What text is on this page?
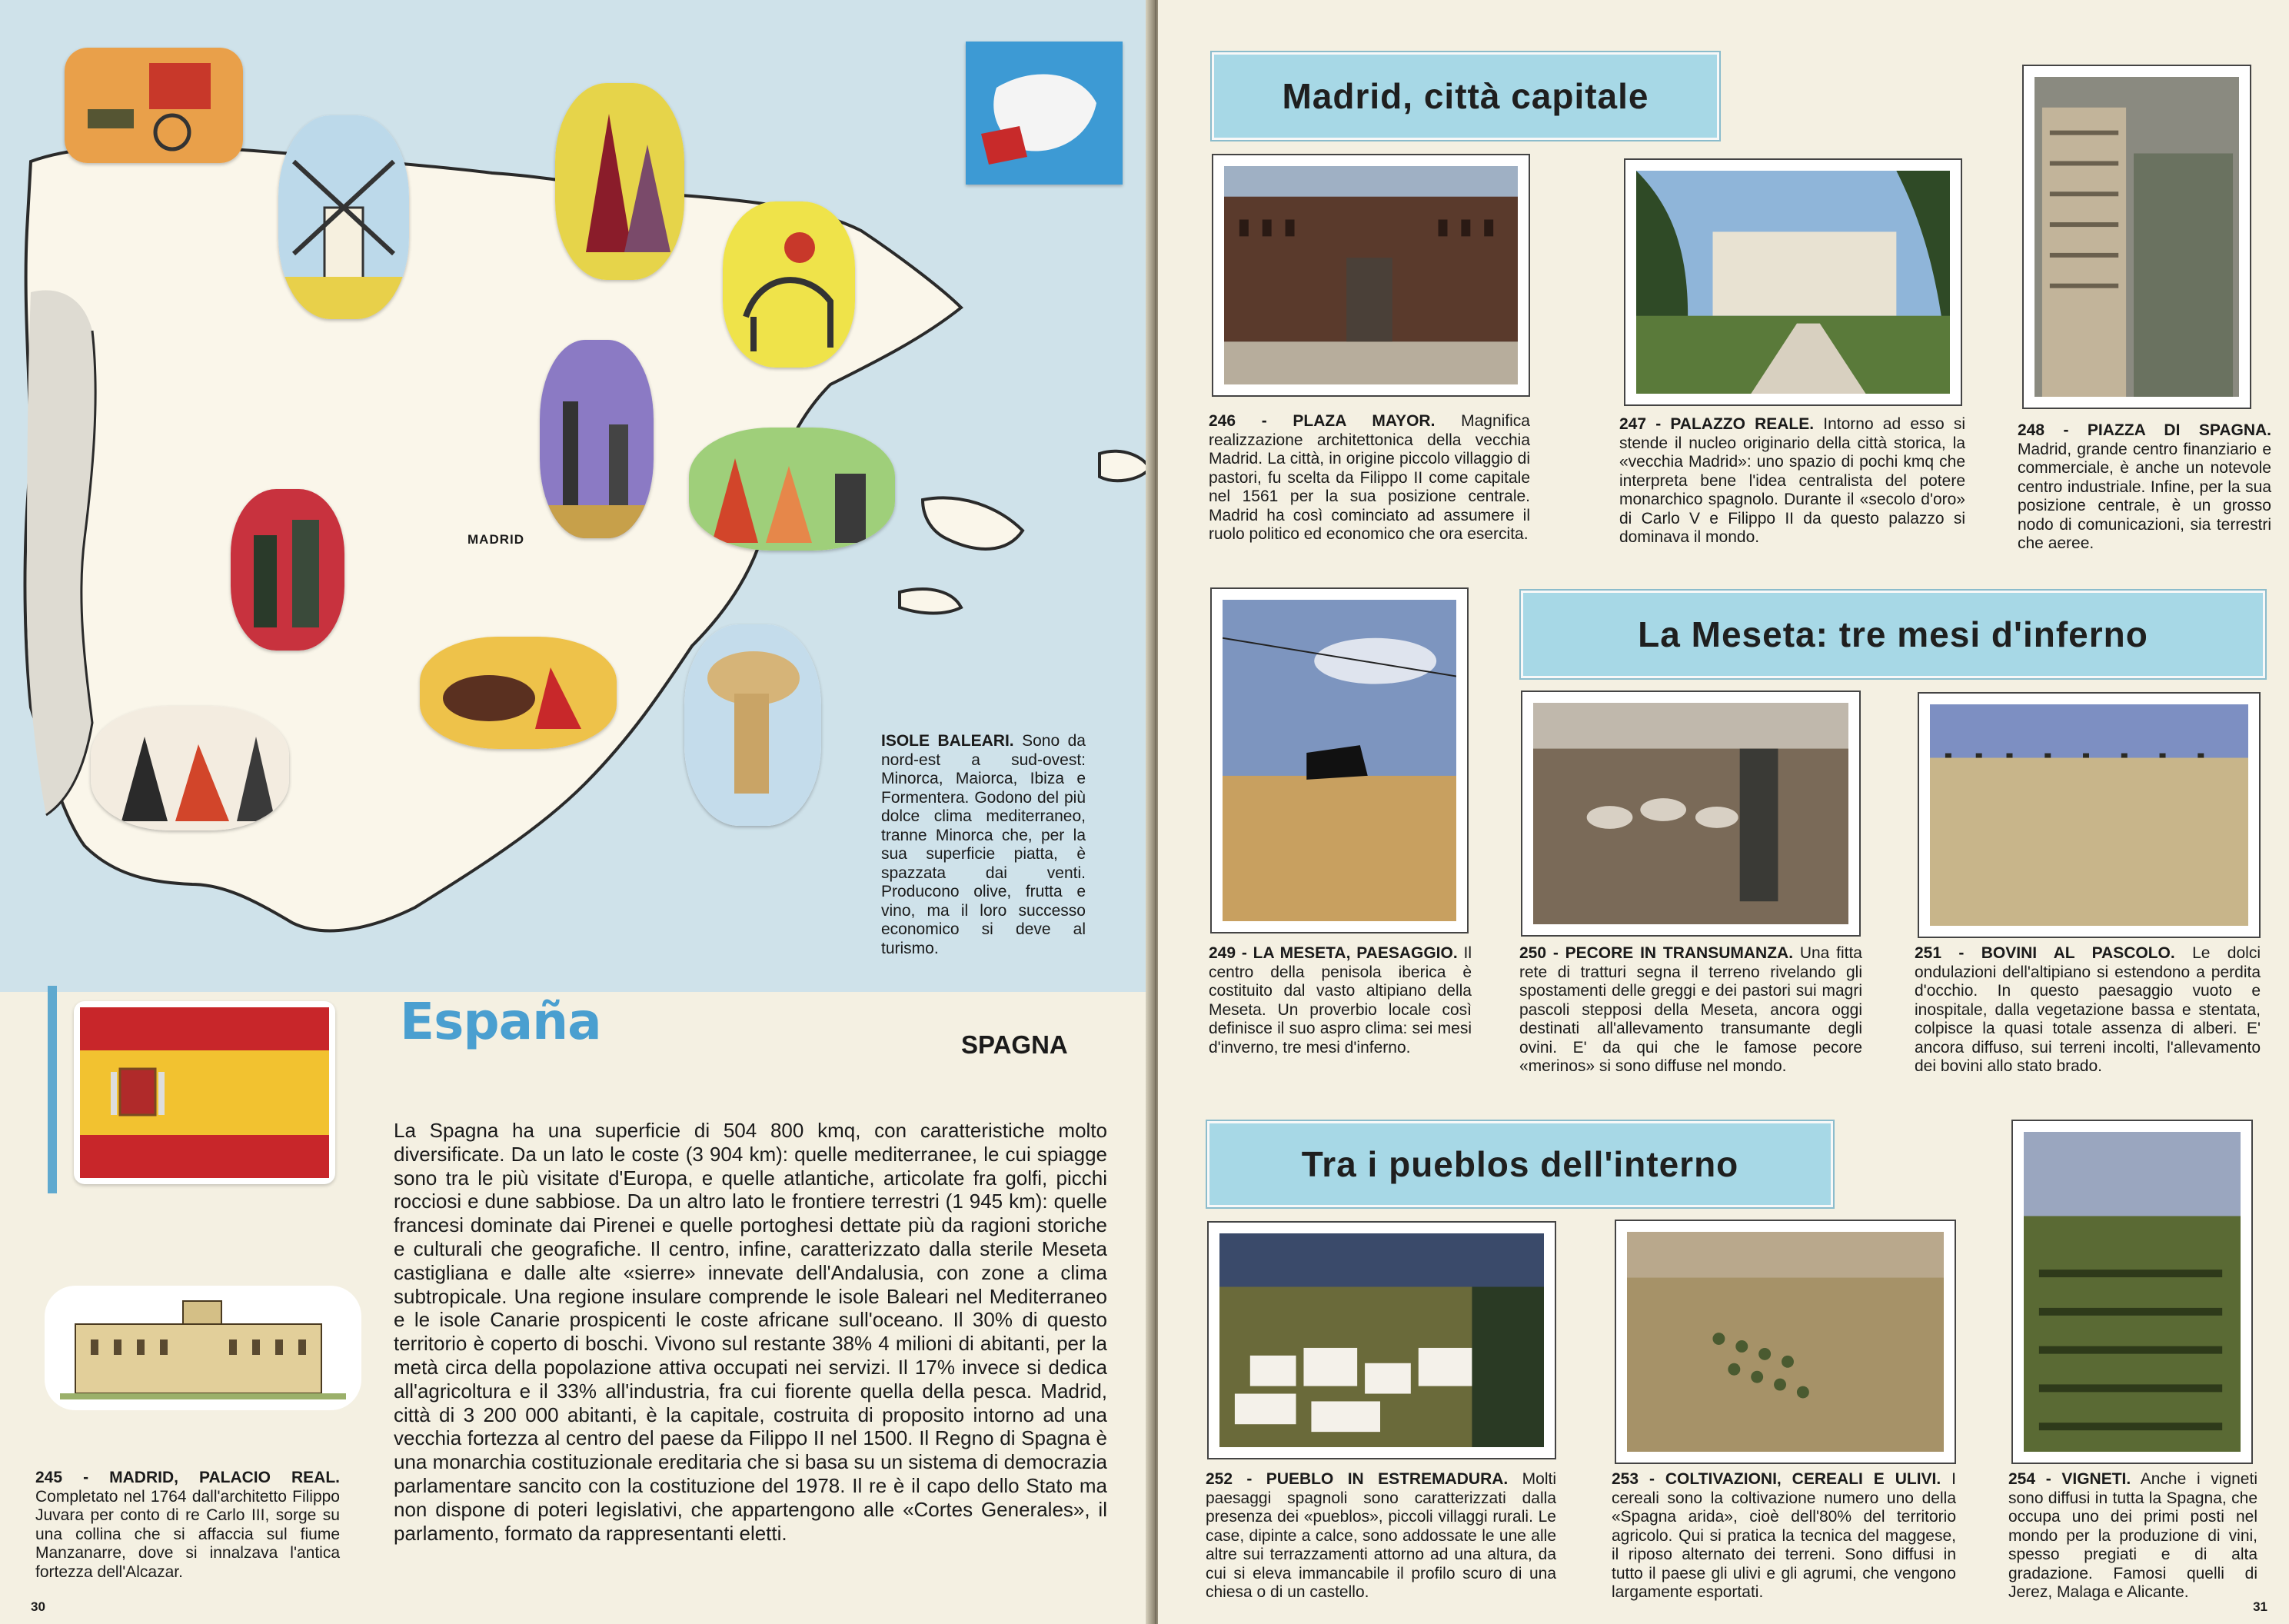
MADRID
ISOLE BALEARI. Sono da nord-est a sud-ovest: Minorca, Maiorca, Ibiza e Formentera. Godono del più dolce clima mediterraneo, tranne Minorca che, per la sua superficie piatta, è spazzata dai venti. Producono olive, frutta e vino, ma il loro successo economico si deve al turismo.
España	SPAGNA
La Spagna ha una superficie di 504 800 kmq, con caratteristiche molto diversificate. Da un lato le coste (3 904 km): quelle mediterranee, le cui spiagge sono tra le più visitate d'Europa, e quelle atlantiche, articolate fra golfi, picchi rocciosi e dune sabbiose. Da un altro lato le frontiere terrestri (1 945 km): quelle francesi dominate dai Pirenei e quelle portoghesi dettate più da ragioni storiche e culturali che geografiche. Il centro, infine, caratterizzato dalla sterile Meseta castigliana e dalle alte «sierre» innevate dell'Andalusia, con zone a clima subtropicale. Una regione insulare comprende le isole Baleari nel Mediterraneo e le isole Canarie prospicenti le coste africane sull'oceano. Il 30% di questo territorio è coperto di boschi. Vivono sul restante 38% 4 milioni di abitanti, per la metà circa della popolazione attiva occupati nei servizi. Il 17% invece si dedica all'agricoltura e il 33% all'industria, fra cui fiorente quella della pesca. Madrid, città di 3 200 000 abitanti, è la capitale, costruita di proposito intorno ad una vecchia fortezza al centro del paese da Filippo II nel 1500. Il Regno di Spagna è una monarchia costituzionale ereditaria che si basa su un sistema di democrazia parlamentare sancito con la costituzione del 1978. Il re è il capo dello Stato ma non dispone di poteri legislativi, che appartengono alle «Cortes Generales», il parlamento, formato da rappresentanti eletti.
245 - MADRID, PALACIO REAL. Completato nel 1764 dall'architetto Filippo Juvara per conto di re Carlo III, sorge su una collina che si affaccia sul fiume Manzanarre, dove si innalzava l'antica fortezza dell'Alcazar.
30
Madrid, città capitale
246 - PLAZA MAYOR. Magnifica realizzazione architettonica della vecchia Madrid. La città, in origine piccolo villaggio di pastori, fu scelta da Filippo II come capitale nel 1561 per la sua posizione centrale. Madrid ha così cominciato ad assumere il ruolo politico ed economico che ora esercita.
247 - PALAZZO REALE. Intorno ad esso si stende il nucleo originario della città storica, la «vecchia Madrid»: uno spazio di pochi kmq che interpreta bene l'idea centralista del potere monarchico spagnolo. Durante il «secolo d'oro» di Carlo V e Filippo II da questo palazzo si dominava il mondo.
248 - PIAZZA DI SPAGNA. Madrid, grande centro finanziario e commerciale, è anche un notevole centro industriale. Infine, per la sua posizione centrale, è un grosso nodo di comunicazioni, sia terrestri che aeree.
La Meseta: tre mesi d'inferno
249 - LA MESETA, PAESAGGIO. Il centro della penisola iberica è costituito dal vasto altipiano della Meseta. Un proverbio locale così definisce il suo aspro clima: sei mesi d'inverno, tre mesi d'inferno.
250 - PECORE IN TRANSUMANZA. Una fitta rete di tratturi segna il terreno rivelando gli spostamenti delle greggi e dei pastori sui magri pascoli stepposi della Meseta, ancora oggi destinati all'allevamento transumante degli ovini. E' da qui che le famose pecore «merinos» si sono diffuse nel mondo.
251 - BOVINI AL PASCOLO. Le dolci ondulazioni dell'altipiano si estendono a perdita d'occhio. In questo paesaggio vuoto e inospitale, dalla vegetazione bassa e stentata, colpisce la quasi totale assenza di alberi. E' ancora diffuso, sui terreni incolti, l'allevamento dei bovini allo stato brado.
Tra i pueblos dell'interno
252 - PUEBLO IN ESTREMADURA. Molti paesaggi spagnoli sono caratterizzati dalla presenza dei «pueblos», piccoli villaggi rurali. Le case, dipinte a calce, sono addossate le une alle altre sui terrazzamenti attorno ad una altura, da cui si eleva immancabile il profilo scuro di una chiesa o di un castello.
253 - COLTIVAZIONI, CEREALI E ULIVI. I cereali sono la coltivazione numero uno della «Spagna arida», cioè dell'80% del territorio agricolo. Qui si pratica la tecnica del maggese, il riposo alternato dei terreni. Sono diffusi in tutto il paese gli ulivi e gli agrumi, che vengono largamente esportati.
254 - VIGNETI. Anche i vigneti sono diffusi in tutta la Spagna, che occupa uno dei primi posti nel mondo per la produzione di vini, spesso pregiati e di alta gradazione. Famosi quelli di Jerez, Malaga e Alicante.
31
